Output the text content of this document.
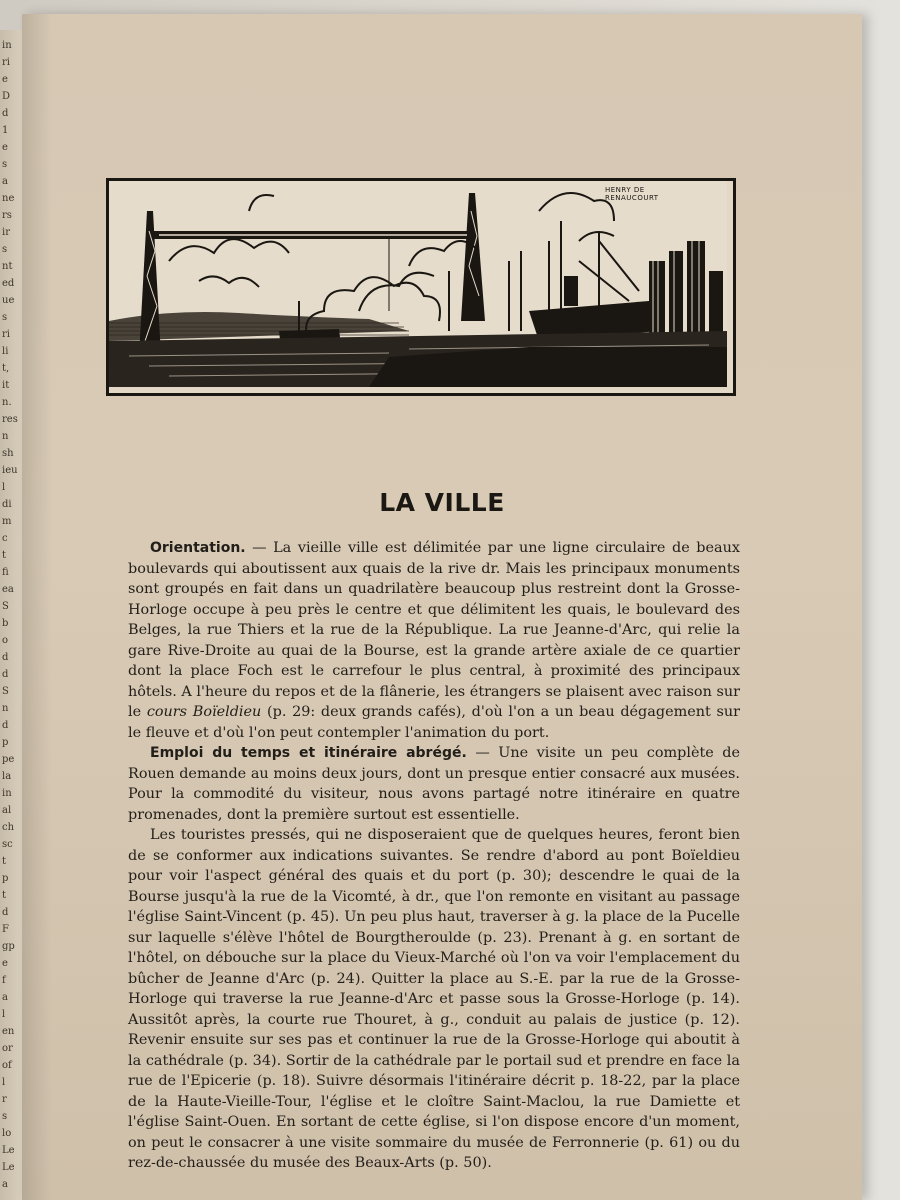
in
ri
e
D
d
1
e
s
a
ne
rs
ir
s
nt
ed
ue
s
ri
li
t,
it
n.
res
n
sh
ieu
l
di
m
c
t
fi
ea
S
b
o
d
d
S
n
d
p
pe
la
in
al
ch
sc
t
p
t
d
F
gp
e
f
a
l
en
or
of
l
r
s
lo
Le
Le
a
HENRY DE
RENAUCOURT
LA VILLE

Orientation. — La vieille ville est délimitée par une ligne circulaire de beaux boulevards qui aboutissent aux quais de la rive dr. Mais les principaux monuments sont groupés en fait dans un quadrilatère beaucoup plus restreint dont la Grosse-Horloge occupe à peu près le centre et que délimitent les quais, le boulevard des Belges, la rue Thiers et la rue de la République. La rue Jeanne-d'Arc, qui relie la gare Rive-Droite au quai de la Bourse, est la grande artère axiale de ce quartier dont la place Foch est le carrefour le plus central, à proximité des principaux hôtels. A l'heure du repos et de la flânerie, les étrangers se plaisent avec raison sur le cours Boïeldieu (p. 29: deux grands cafés), d'où l'on a un beau dégagement sur le fleuve et d'où l'on peut contempler l'animation du port.

Emploi du temps et itinéraire abrégé. — Une visite un peu complète de Rouen demande au moins deux jours, dont un presque entier consacré aux musées. Pour la commodité du visiteur, nous avons partagé notre itinéraire en quatre promenades, dont la première surtout est essentielle.

Les touristes pressés, qui ne disposeraient que de quelques heures, feront bien de se conformer aux indications suivantes. Se rendre d'abord au pont Boïeldieu pour voir l'aspect général des quais et du port (p. 30); descendre le quai de la Bourse jusqu'à la rue de la Vicomté, à dr., que l'on remonte en visitant au passage l'église Saint-Vincent (p. 45). Un peu plus haut, traverser à g. la place de la Pucelle sur laquelle s'élève l'hôtel de Bourgtheroulde (p. 23). Prenant à g. en sortant de l'hôtel, on débouche sur la place du Vieux-Marché où l'on va voir l'emplacement du bûcher de Jeanne d'Arc (p. 24). Quitter la place au S.-E. par la rue de la Grosse-Horloge qui traverse la rue Jeanne-d'Arc et passe sous la Grosse-Horloge (p. 14). Aussitôt après, la courte rue Thouret, à g., conduit au palais de justice (p. 12). Revenir ensuite sur ses pas et continuer la rue de la Grosse-Horloge qui aboutit à la cathédrale (p. 34). Sortir de la cathédrale par le portail sud et prendre en face la rue de l'Epicerie (p. 18). Suivre désormais l'itinéraire décrit p. 18-22, par la place de la Haute-Vieille-Tour, l'église et le cloître Saint-Maclou, la rue Damiette et l'église Saint-Ouen. En sortant de cette église, si l'on dispose encore d'un moment, on peut le consacrer à une visite sommaire du musée de Ferronnerie (p. 61) ou du rez-de-chaussée du musée des Beaux-Arts (p. 50).
